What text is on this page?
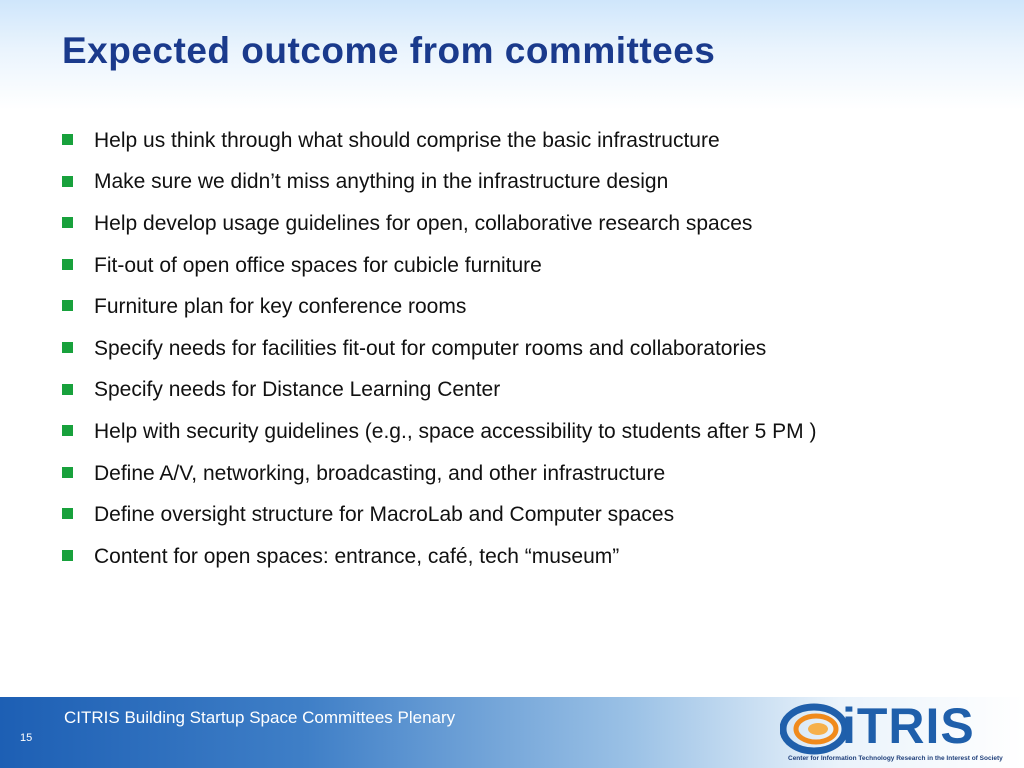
Expected outcome from committees
Help us think through what should comprise the basic infrastructure
Make sure we didn’t miss anything in the infrastructure design
Help develop usage guidelines for open, collaborative research spaces
Fit-out of open office spaces for cubicle furniture
Furniture plan for key conference rooms
Specify needs for facilities fit-out for computer rooms and collaboratories
Specify needs for Distance Learning Center
Help with security guidelines (e.g., space accessibility to students after 5 PM )
Define A/V, networking, broadcasting, and other infrastructure
Define oversight structure for MacroLab and Computer spaces
Content for open spaces: entrance, café, tech “museum”
CITRIS Building Startup Space Committees Plenary
15	iTRIS
Center for Information Technology Research in the Interest of Society
